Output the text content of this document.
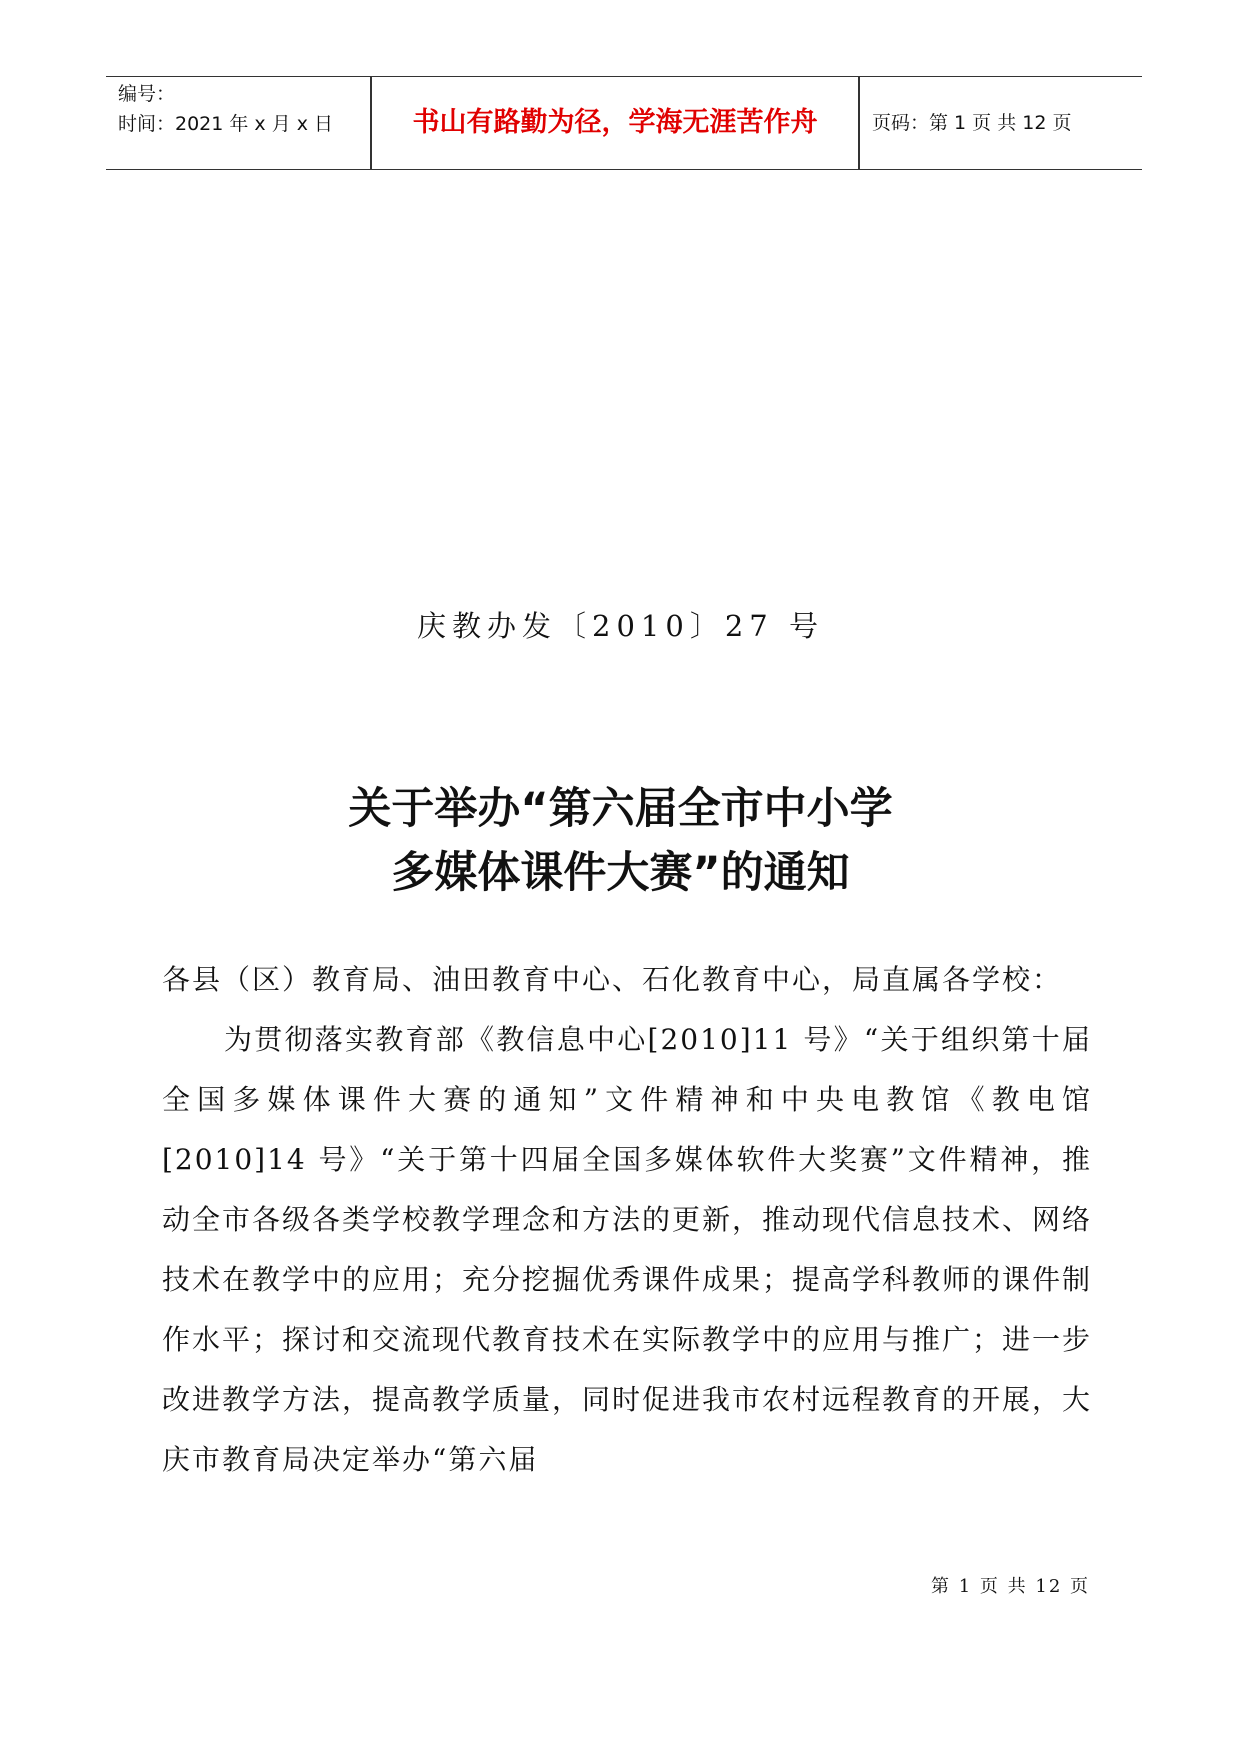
编号：
时间：2021 年 x 月 x 日	书山有路勤为径，学海无涯苦作舟	页码：第 1 页 共 12 页
庆教办发〔2010〕27 号
关于举办“第六届全市中小学
多媒体课件大赛”的通知
各县（区）教育局、油田教育中心、石化教育中心，局直属各学校：
为贯彻落实教育部《教信息中心[2010]11 号》“关于组织第十届全国多媒体课件大赛的通知”文件精神和中央电教馆《教电馆[2010]14 号》“关于第十四届全国多媒体软件大奖赛”文件精神，推动全市各级各类学校教学理念和方法的更新，推动现代信息技术、网络技术在教学中的应用；充分挖掘优秀课件成果；提高学科教师的课件制作水平；探讨和交流现代教育技术在实际教学中的应用与推广；进一步改进教学方法，提高教学质量，同时促进我市农村远程教育的开展，大庆市教育局决定举办“第六届
第 1 页 共 12 页
